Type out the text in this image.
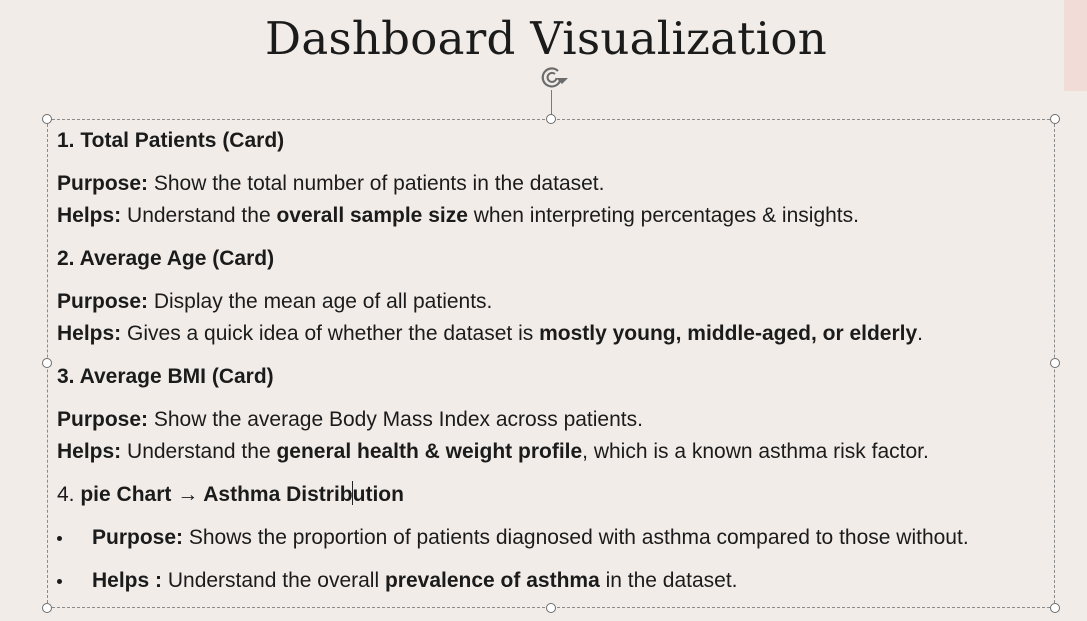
Dashboard Visualization

1. Total Patients (Card)

Purpose: Show the total number of patients in the dataset.

Helps: Understand the overall sample size when interpreting percentages & insights.

2. Average Age (Card)

Purpose: Display the mean age of all patients.

Helps: Gives a quick idea of whether the dataset is mostly young, middle-aged, or elderly.

3. Average BMI (Card)

Purpose: Show the average Body Mass Index across patients.

Helps: Understand the general health & weight profile, which is a known asthma risk factor.

4. pie Chart → Asthma Distribution

Purpose: Shows the proportion of patients diagnosed with asthma compared to those without.

Helps : Understand the overall prevalence of asthma in the dataset.
